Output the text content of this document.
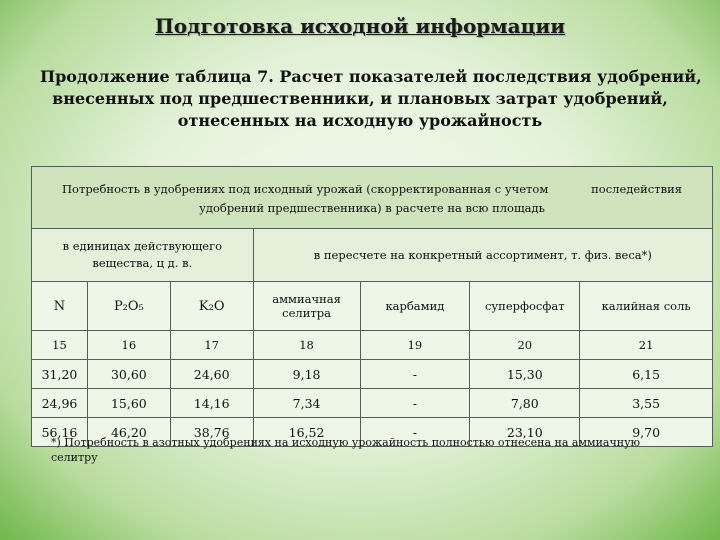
Подготовка исходной информации
Продолжение таблица 7. Расчет показателей последствия удобрений,
внесенных под предшественники, и плановых затрат удобрений,
отнесенных на исходную урожайность
Потребность в удобрениях под исходный урожай (скорректированная с учетом последействия
удобрений предшественника) в расчете на всю площадь						

в единицах действующего вещества, ц д. в.			в пересчете на конкретный ассортимент, т. физ. веса*)			
N	P₂O₅	K₂O	аммиачная селитра	карбамид	суперфосфат	калийная соль
15	16	17	18	19	20	21
31,20	30,60	24,60	9,18	-	15,30	6,15
24,96	15,60	14,16	7,34	-	7,80	3,55
56,16	46,20	38,76	16,52	-	23,10	9,70
*) Потребность в азотных удобрениях на исходную урожайность полностью отнесена на аммиачную селитру
